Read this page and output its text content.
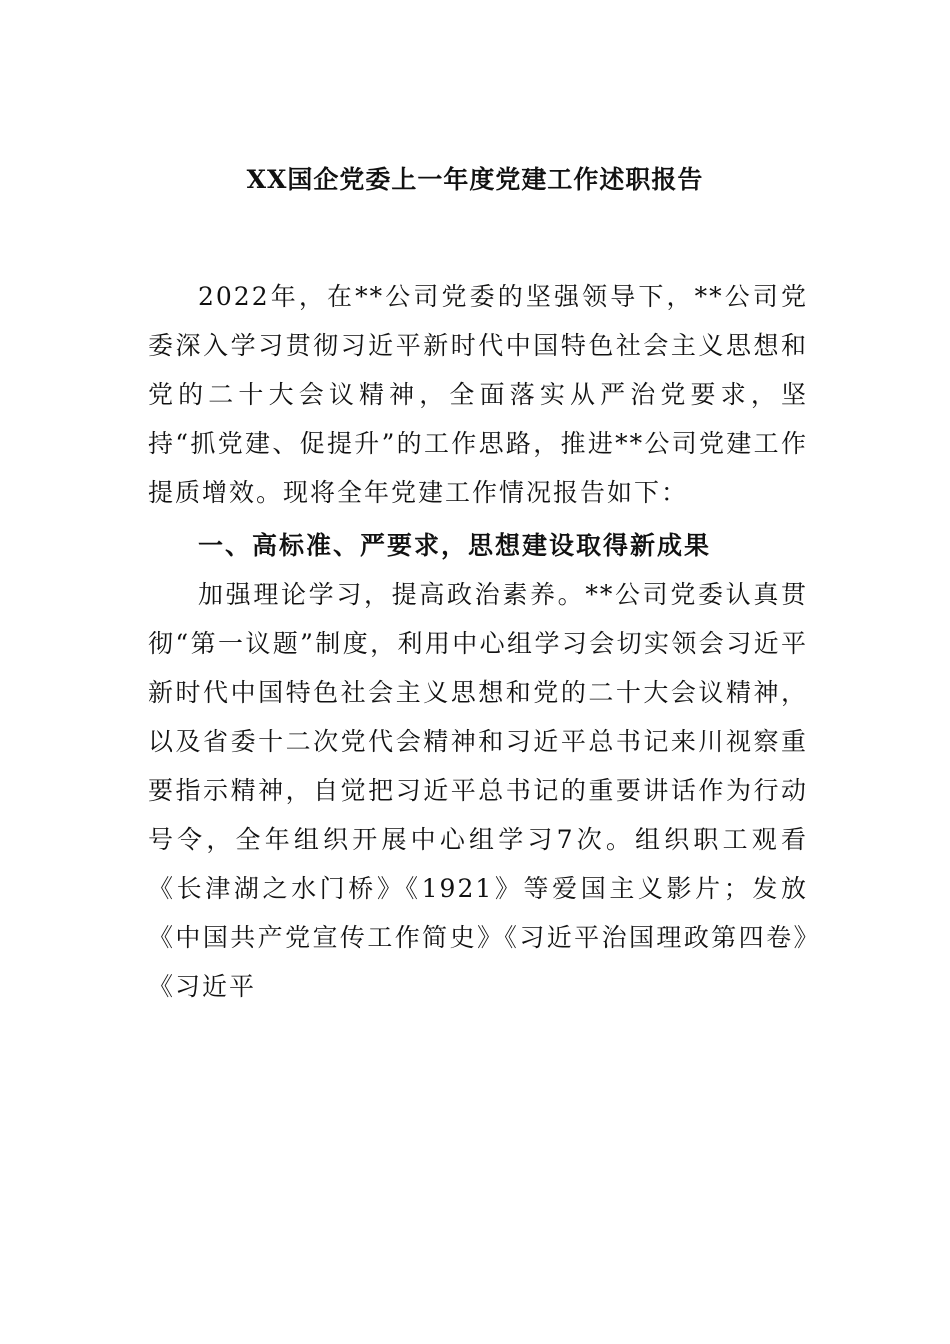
XX国企党委上一年度党建工作述职报告

2022年，在**公司党委的坚强领导下，**公司党委深入学习贯彻习近平新时代中国特色社会主义思想和党的二十大会议精神，全面落实从严治党要求，坚持“抓党建、促提升”的工作思路，推进**公司党建工作提质增效。现将全年党建工作情况报告如下：

一、高标准、严要求，思想建设取得新成果

加强理论学习，提高政治素养。**公司党委认真贯彻“第一议题”制度，利用中心组学习会切实领会习近平新时代中国特色社会主义思想和党的二十大会议精神，以及省委十二次党代会精神和习近平总书记来川视察重要指示精神，自觉把习近平总书记的重要讲话作为行动号令，全年组织开展中心组学习7次。组织职工观看《长津湖之水门桥》《1921》等爱国主义影片；发放《中国共产党宣传工作简史》《习近平治国理政第四卷》《习近平
